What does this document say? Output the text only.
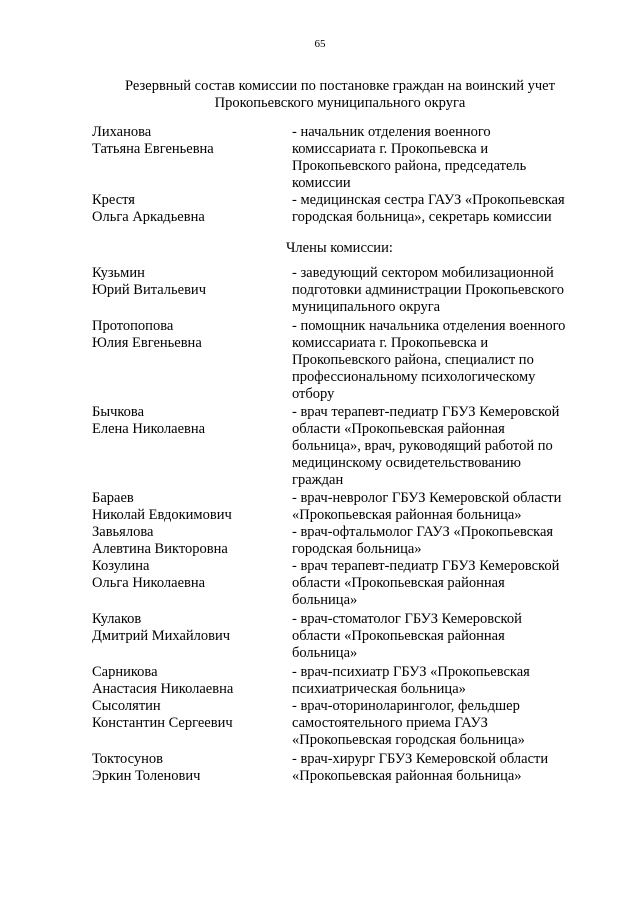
65
Резервный состав комиссии по постановке граждан на воинский учет
Прокопьевского муниципального округа
Члены комиссии:
Лиханова
Татьяна Евгеньевна
- начальник отделения военного
комиссариата г. Прокопьевска и
Прокопьевского района, председатель
комиссии
Крестя
Ольга Аркадьевна
- медицинская сестра ГАУЗ «Прокопьевская
городская больница», секретарь комиссии
Кузьмин
Юрий Витальевич
- заведующий сектором мобилизационной
подготовки администрации Прокопьевского
муниципального округа
Протопопова
Юлия Евгеньевна
- помощник начальника отделения военного
комиссариата г. Прокопьевска и
Прокопьевского района, специалист по
профессиональному психологическому
отбору
Бычкова
Елена Николаевна
- врач терапевт-педиатр ГБУЗ Кемеровской
области «Прокопьевская районная
больница», врач, руководящий работой по
медицинскому освидетельствованию
граждан
Бараев
Николай Евдокимович
- врач-невролог ГБУЗ Кемеровской области
«Прокопьевская районная больница»
Завьялова
Алевтина Викторовна
- врач-офтальмолог ГАУЗ «Прокопьевская
городская больница»
Козулина
Ольга Николаевна
- врач терапевт-педиатр ГБУЗ Кемеровской
области «Прокопьевская районная
больница»
Кулаков
Дмитрий Михайлович
- врач-стоматолог ГБУЗ Кемеровской
области «Прокопьевская районная
больница»
Сарникова
Анастасия Николаевна
- врач-психиатр ГБУЗ «Прокопьевская
психиатрическая больница»
Сысолятин
Константин Сергеевич
- врач-оториноларинголог, фельдшер
самостоятельного приема ГАУЗ
«Прокопьевская городская больница»
Токтосунов
Эркин Толенович
- врач-хирург ГБУЗ Кемеровской области
«Прокопьевская районная больница»
